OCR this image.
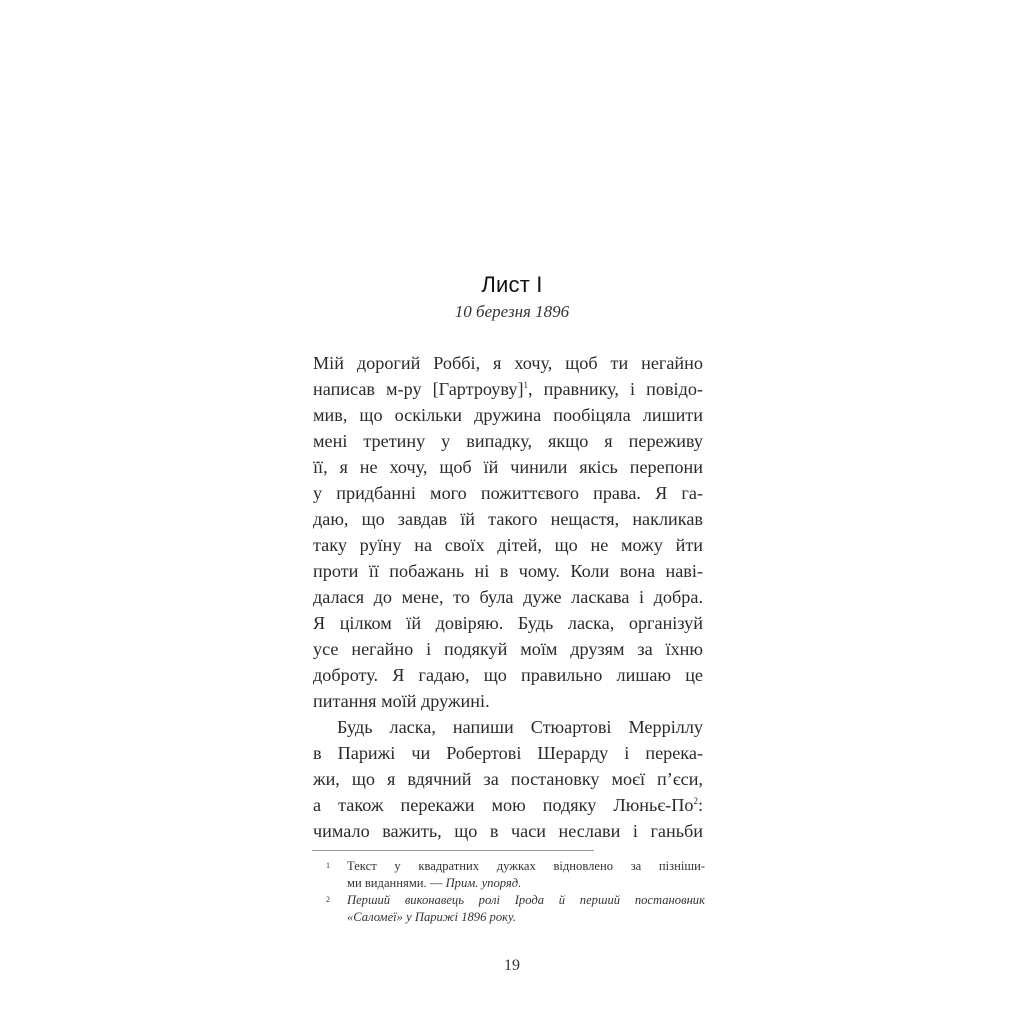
Лист I
10 березня 1896
Мій дорогий Роббі, я хочу, щоб ти негайно
написав м-ру [Гартроуву]$^1$, правнику, і повідо-
мив, що оскільки дружина пообіцяла лишити
мені третину у випадку, якщо я переживу
її, я не хочу, щоб їй чинили якісь перепони
у придбанні мого пожиттєвого права. Я га-
даю, що завдав їй такого нещастя, накликав
таку руїну на своїх дітей, що не можу йти
проти її побажань ні в чому. Коли вона наві-
далася до мене, то була дуже ласкава і добра.
Я цілком їй довіряю. Будь ласка, організуй
усе негайно і подякуй моїм друзям за їхню
доброту. Я гадаю, що правильно лишаю це
питання моїй дружині.
Будь ласка, напиши Стюартові Мерріллу
в Парижі чи Робертові Шерарду і перека-
жи, що я вдячний за постановку моєї п’єси,
а також перекажи мою подяку Люньє-По$^2$:
чимало важить, що в часи неслави і ганьби
1 Текст у квадратних дужках відновлено за пізніши-
ми виданнями. — Прим. упоряд.
2 Перший виконавець ролі Ірода й перший постановник
«Саломеї» у Парижі 1896 року.
19
